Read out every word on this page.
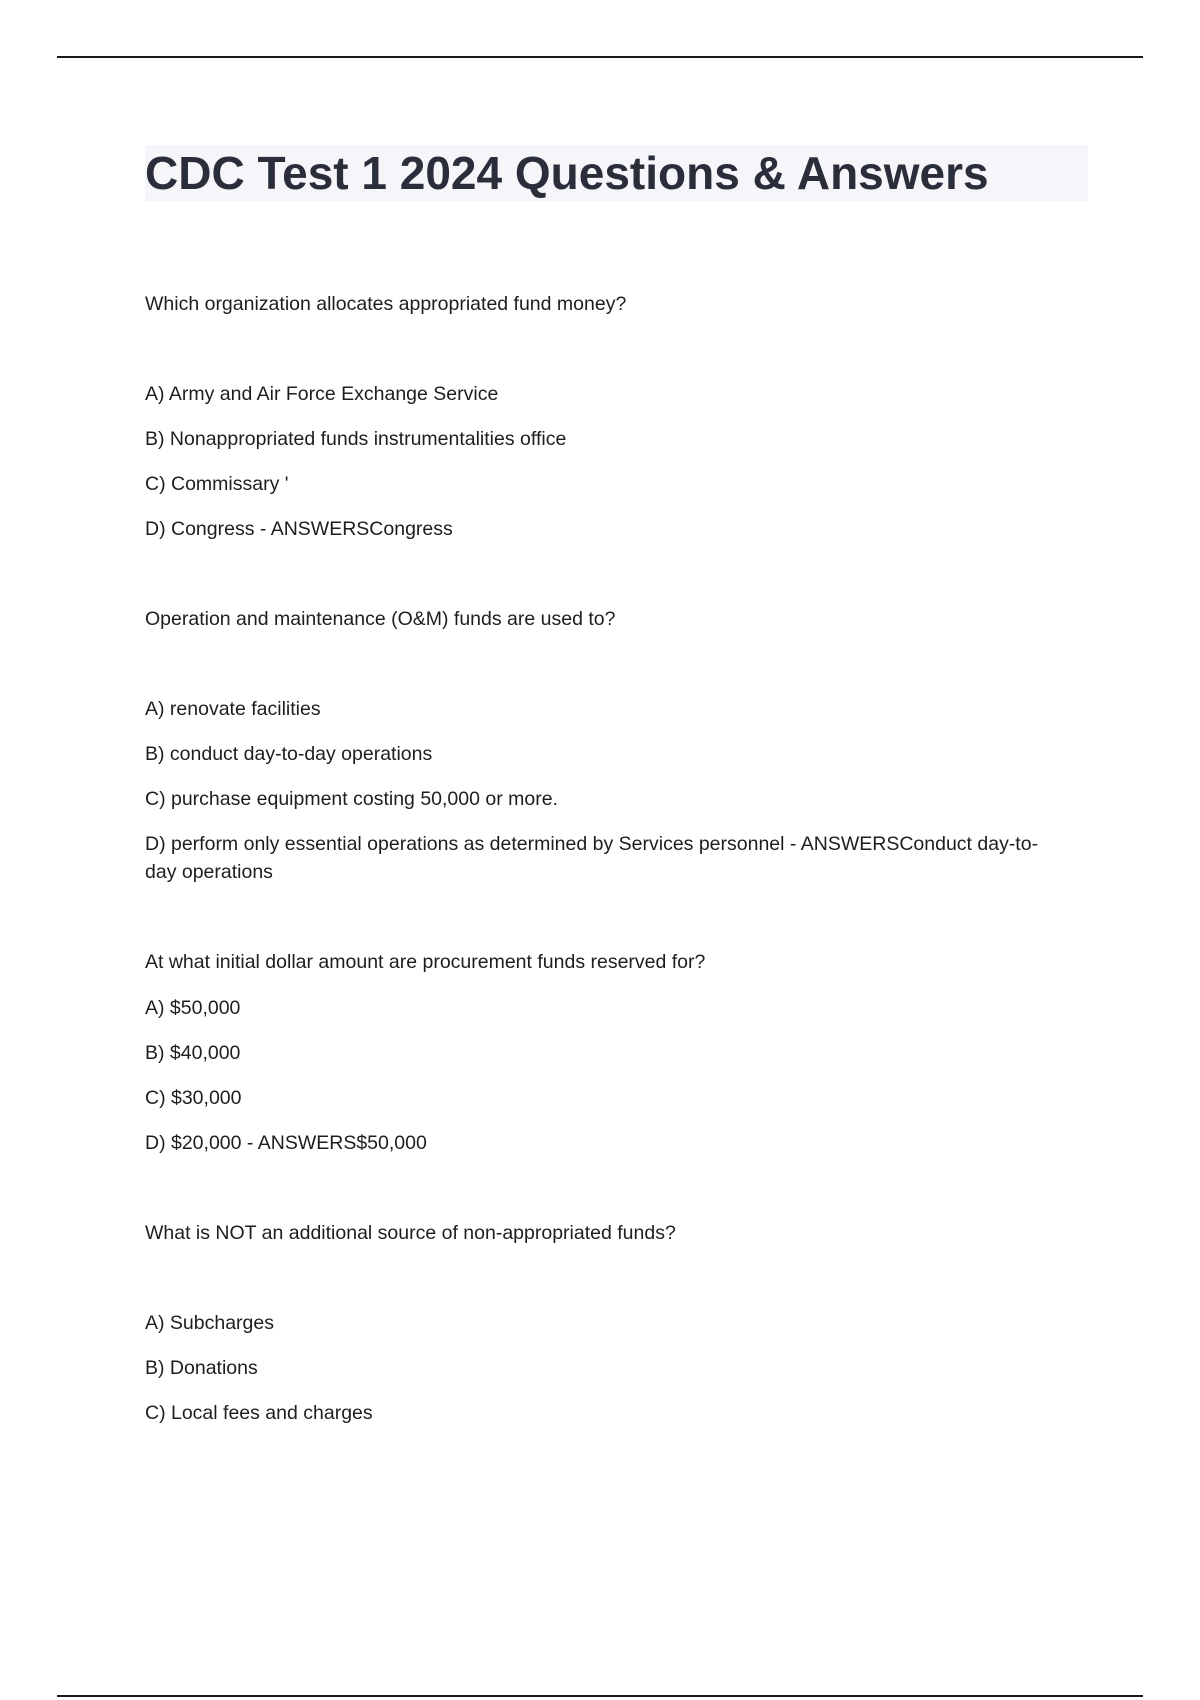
CDC Test 1 2024 Questions & Answers

Which organization allocates appropriated fund money?

A) Army and Air Force Exchange Service
B) Nonappropriated funds instrumentalities office
C) Commissary '
D) Congress - ANSWERSCongress

Operation and maintenance (O&M) funds are used to?

A) renovate facilities
B) conduct day-to-day operations
C) purchase equipment costing 50,000 or more.
D) perform only essential operations as determined by Services personnel - ANSWERSConduct day-to-day operations

At what initial dollar amount are procurement funds reserved for?

A) $50,000
B) $40,000
C) $30,000
D) $20,000 - ANSWERS$50,000

What is NOT an additional source of non-appropriated funds?

A) Subcharges
B) Donations
C) Local fees and charges
